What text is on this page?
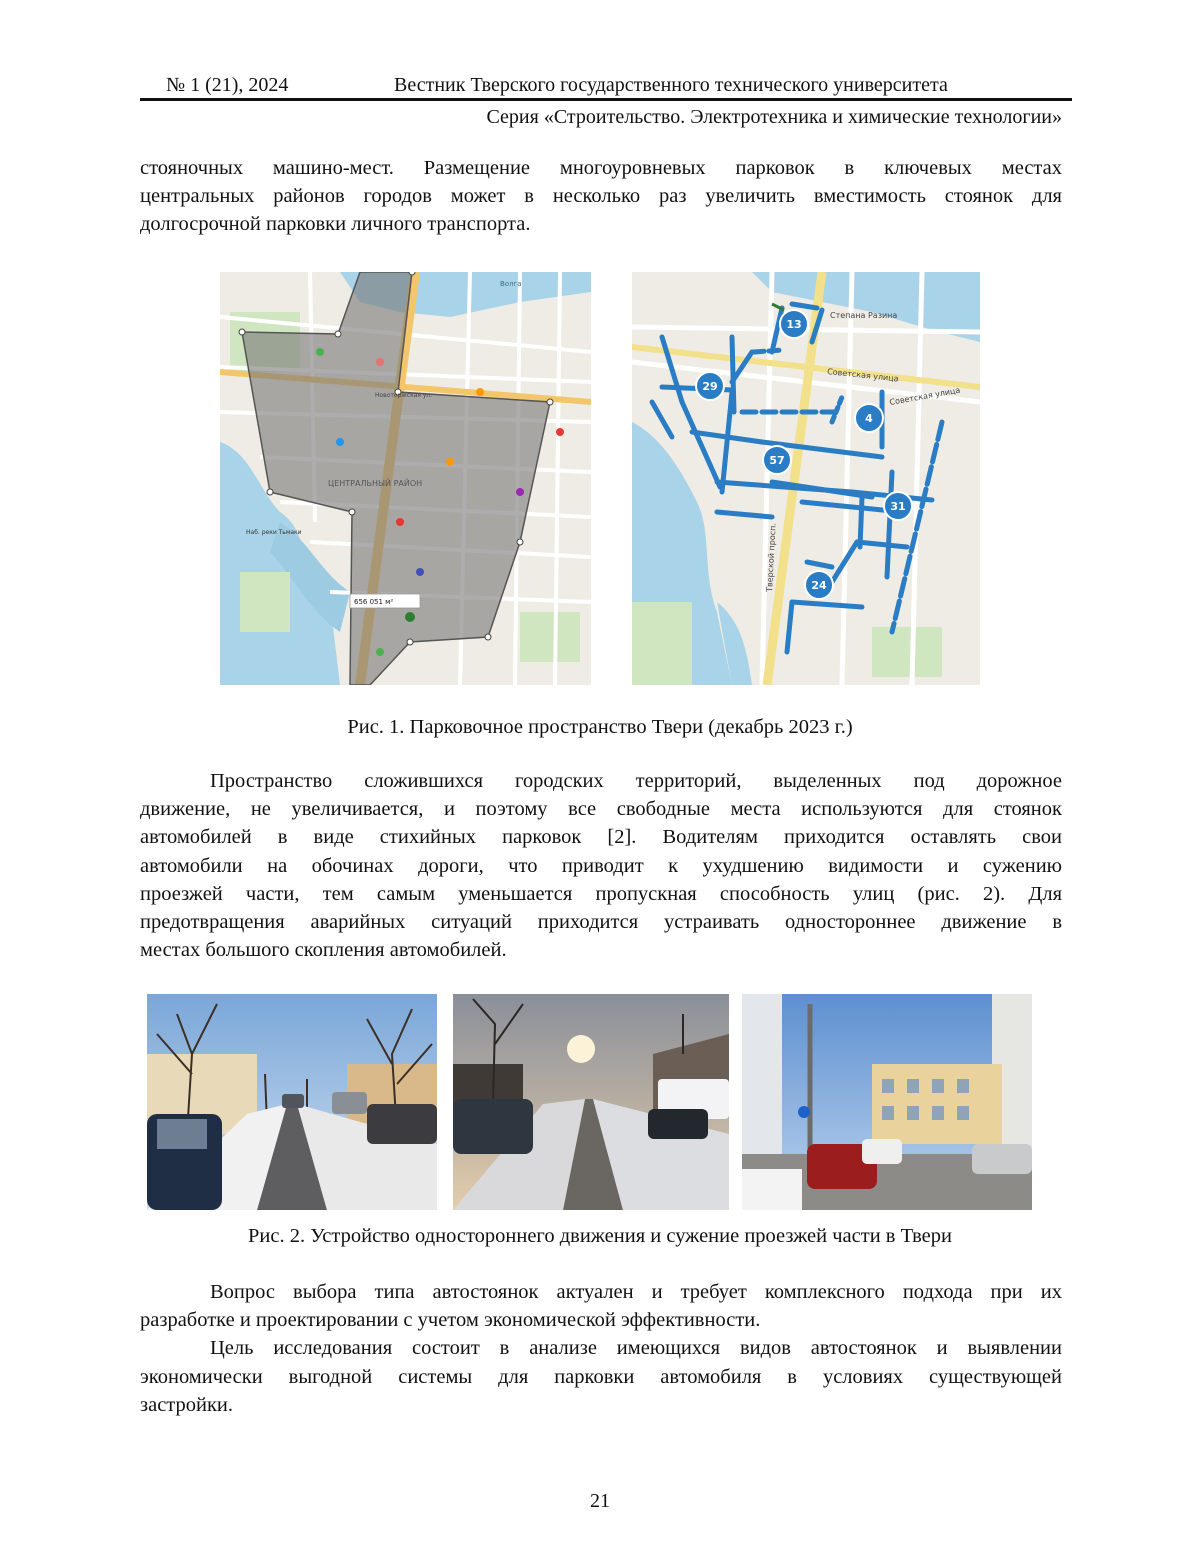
№ 1 (21), 2024	Вестник Тверского государственного технического университета
Серия «Строительство. Электротехника и химические технологии»
стояночных машино-мест. Размещение многоуровневых парковок в ключевых местах
центральных районов городов может в несколько раз увеличить вместимость стоянок для
долгосрочной парковки личного транспорта.
ЦЕНТРАЛЬНЫЙ РАЙОН
Новоторжская ул.
Наб. реки Тьмаки
Волга
656 051 м²
Советская улица
Советская улица
Степана Разина
Тверской просп.
13
29
4
57
31
24
Рис. 1. Парковочное пространство Твери (декабрь 2023 г.)
Пространство сложившихся городских территорий, выделенных под дорожное
движение, не увеличивается, и поэтому все свободные места используются для стоянок
автомобилей в виде стихийных парковок [2]. Водителям приходится оставлять свои
автомобили на обочинах дороги, что приводит к ухудшению видимости и сужению
проезжей части, тем самым уменьшается пропускная способность улиц (рис. 2). Для
предотвращения аварийных ситуаций приходится устраивать одностороннее движение в
местах большого скопления автомобилей.
Рис. 2. Устройство одностороннего движения и сужение проезжей части в Твери
Вопрос выбора типа автостоянок актуален и требует комплексного подхода при их
разработке и проектировании с учетом экономической эффективности.
Цель исследования состоит в анализе имеющихся видов автостоянок и выявлении
экономически выгодной системы для парковки автомобиля в условиях существующей
застройки.
21
